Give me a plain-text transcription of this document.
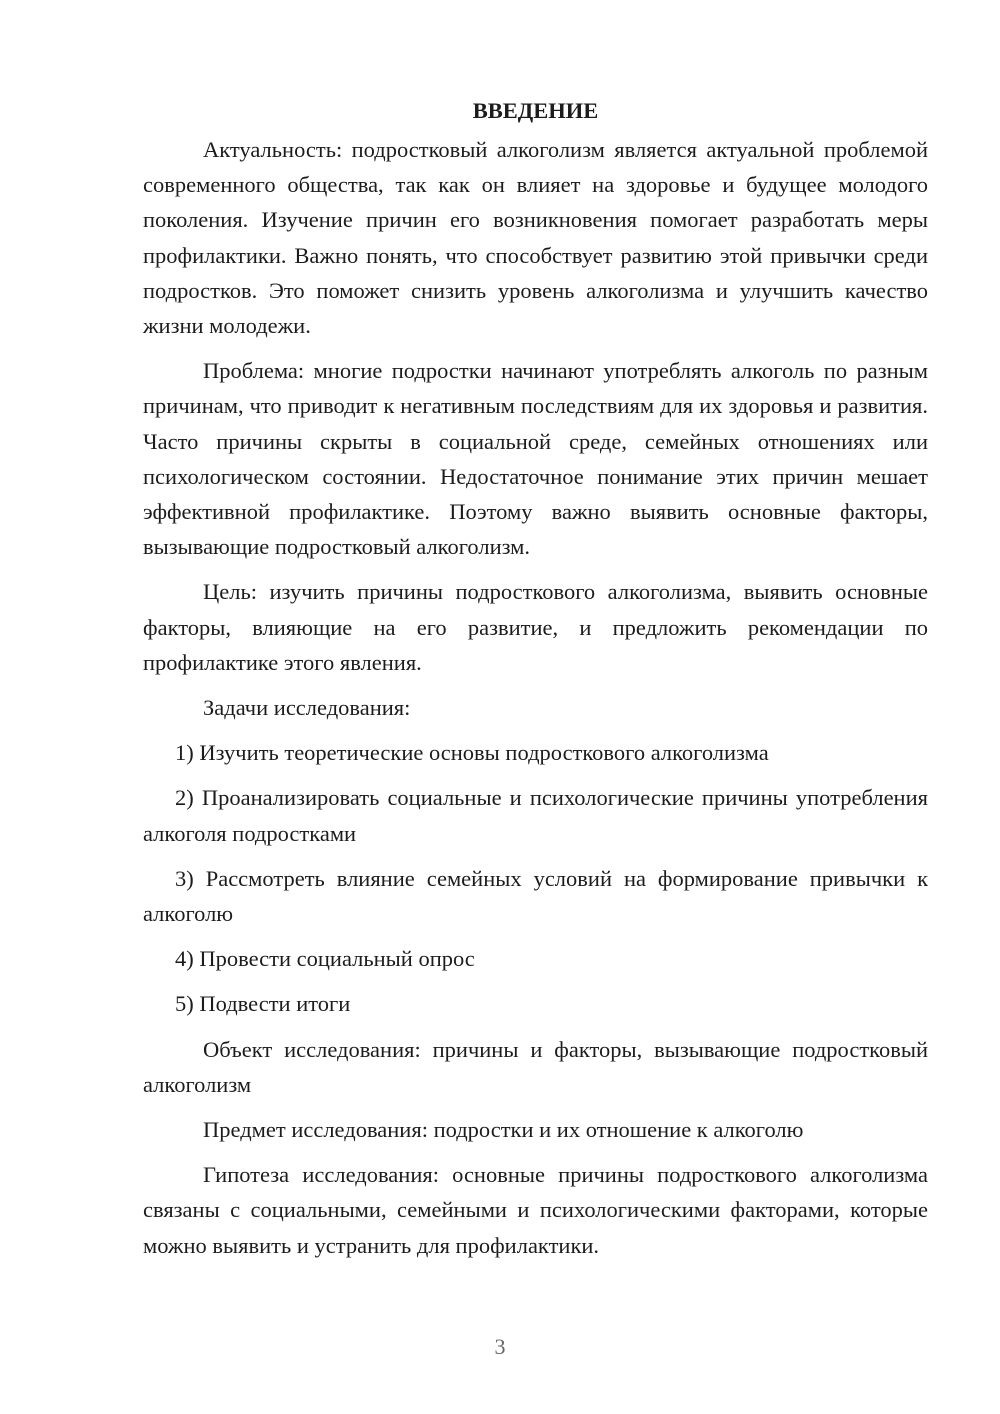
ВВЕДЕНИЕ

Актуальность: подростковый алкоголизм является актуальной проблемой современного общества, так как он влияет на здоровье и будущее молодого поколения. Изучение причин его возникновения помогает разработать меры профилактики. Важно понять, что способствует развитию этой привычки среди подростков. Это поможет снизить уровень алкоголизма и улучшить качество жизни молодежи.

Проблема: многие подростки начинают употреблять алкоголь по разным причинам, что приводит к негативным последствиям для их здоровья и развития. Часто причины скрыты в социальной среде, семейных отношениях или психологическом состоянии. Недостаточное понимание этих причин мешает эффективной профилактике. Поэтому важно выявить основные факторы, вызывающие подростковый алкоголизм.

Цель: изучить причины подросткового алкоголизма, выявить основные факторы, влияющие на его развитие, и предложить рекомендации по профилактике этого явления.

Задачи исследования:

1) Изучить теоретические основы подросткового алкоголизма

2) Проанализировать социальные и психологические причины употребления алкоголя подростками

3) Рассмотреть влияние семейных условий на формирование привычки к алкоголю

4) Провести социальный опрос

5) Подвести итоги

Объект исследования: причины и факторы, вызывающие подростковый алкоголизм

Предмет исследования: подростки и их отношение к алкоголю

Гипотеза исследования: основные причины подросткового алкоголизма связаны с социальными, семейными и психологическими факторами, которые можно выявить и устранить для профилактики.

3
